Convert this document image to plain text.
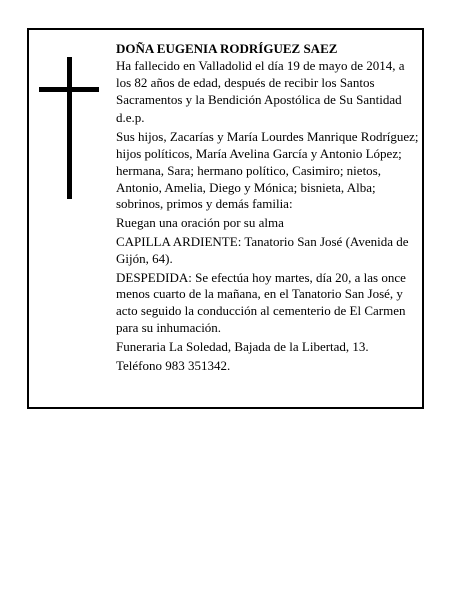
DOÑA EUGENIA RODRÍGUEZ SAEZ
Ha fallecido en Valladolid el día 19 de mayo de 2014, a los 82 años de edad, después de recibir los Santos Sacramentos y la Bendición Apostólica de Su Santidad
d.e.p.
Sus hijos, Zacarías y María Lourdes Manrique Rodríguez; hijos políticos, María Avelina García y Antonio López; hermana, Sara; hermano político, Casimiro; nietos, Antonio, Amelia, Diego y Mónica; bisnieta, Alba; sobrinos, primos y demás familia:
Ruegan una oración por su alma
CAPILLA ARDIENTE: Tanatorio San José (Avenida de Gijón, 64).
DESPEDIDA: Se efectúa hoy martes, día 20, a las once menos cuarto de la mañana, en el Tanatorio San José, y acto seguido la conducción al cementerio de El Carmen para su inhumación.
Funeraria La Soledad, Bajada de la Libertad, 13.
Teléfono 983 351342.
